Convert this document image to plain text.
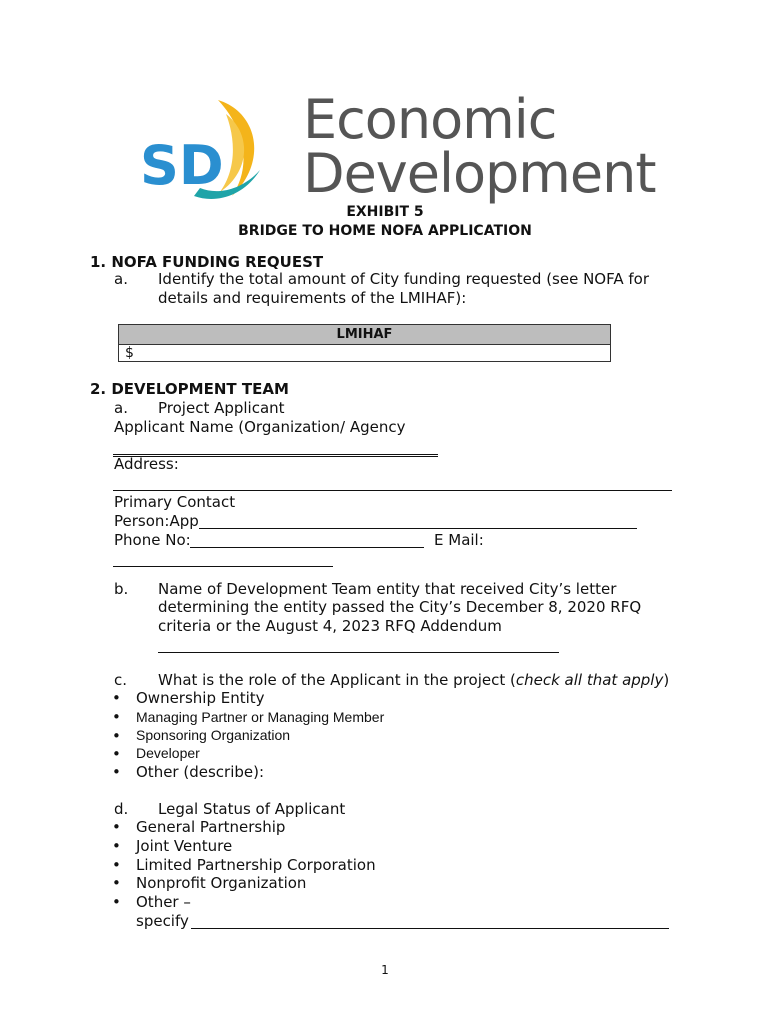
SD
Economic
Development
EXHIBIT 5
BRIDGE TO HOME NOFA APPLICATION
1. NOFA FUNDING REQUEST
a. Identify the total amount of City funding requested (see NOFA for
details and requirements of the LMIHAF):
LMIHAF
$
2. DEVELOPMENT TEAM
a. Project Applicant
Applicant Name (Organization/ Agency
Address:
Primary Contact
Person:App
Phone No:	E Mail:
b. Name of Development Team entity that received City’s letter
determining the entity passed the City’s December 8, 2020 RFQ
criteria or the August 4, 2023 RFQ Addendum
c. What is the role of the Applicant in the project (check all that apply)
• Ownership Entity
• Managing Partner or Managing Member
• Sponsoring Organization
• Developer
• Other (describe):
d. Legal Status of Applicant
• General Partnership
• Joint Venture
• Limited Partnership Corporation
• Nonprofit Organization
• Other –
specify
1
